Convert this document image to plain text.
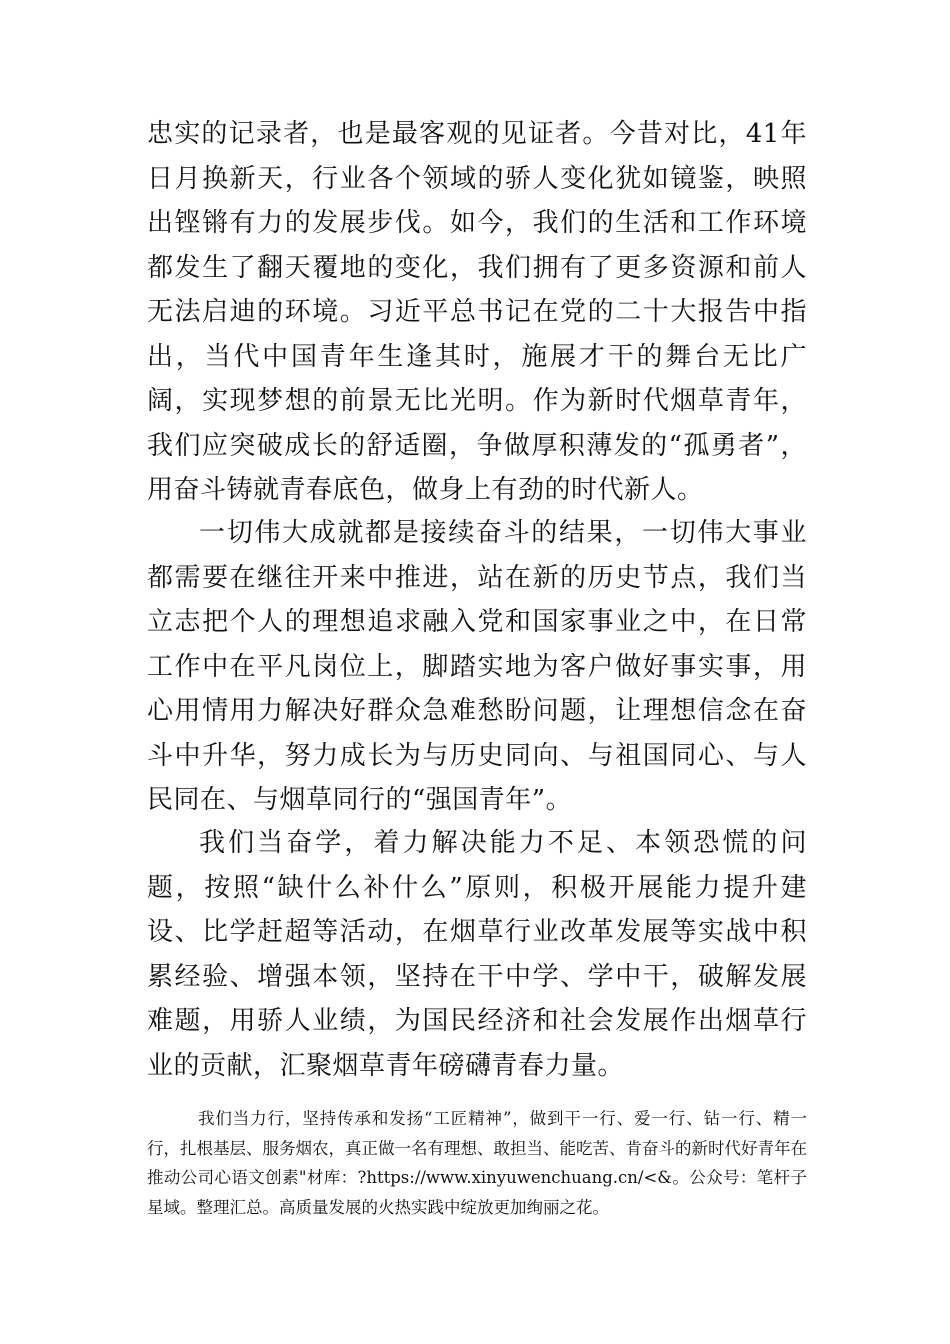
忠实的记录者，也是最客观的见证者。今昔对比，41年日月换新天，行业各个领域的骄人变化犹如镜鉴，映照出铿锵有力的发展步伐。如今，我们的生活和工作环境都发生了翻天覆地的变化，我们拥有了更多资源和前人无法启迪的环境。习近平总书记在党的二十大报告中指出，当代中国青年生逢其时，施展才干的舞台无比广阔，实现梦想的前景无比光明。作为新时代烟草青年，我们应突破成长的舒适圈，争做厚积薄发的“孤勇者”，用奋斗铸就青春底色，做身上有劲的时代新人。

一切伟大成就都是接续奋斗的结果，一切伟大事业都需要在继往开来中推进，站在新的历史节点，我们当立志把个人的理想追求融入党和国家事业之中，在日常工作中在平凡岗位上，脚踏实地为客户做好事实事，用心用情用力解决好群众急难愁盼问题，让理想信念在奋斗中升华，努力成长为与历史同向、与祖国同心、与人民同在、与烟草同行的“强国青年”。

我们当奋学，着力解决能力不足、本领恐慌的问题，按照“缺什么补什么”原则，积极开展能力提升建设、比学赶超等活动，在烟草行业改革发展等实战中积累经验、增强本领，坚持在干中学、学中干，破解发展难题，用骄人业绩，为国民经济和社会发展作出烟草行业的贡献，汇聚烟草青年磅礴青春力量。

我们当力行，坚持传承和发扬“工匠精神”，做到干一行、爱一行、钻一行、精一行，扎根基层、服务烟农，真正做一名有理想、敢担当、能吃苦、肯奋斗的新时代好青年在推动公司心语文创素"材库：?https://www.xinyuwenchuang.cn/<&。公众号：笔杆子星域。整理汇总。高质量发展的火热实践中绽放更加绚丽之花。
